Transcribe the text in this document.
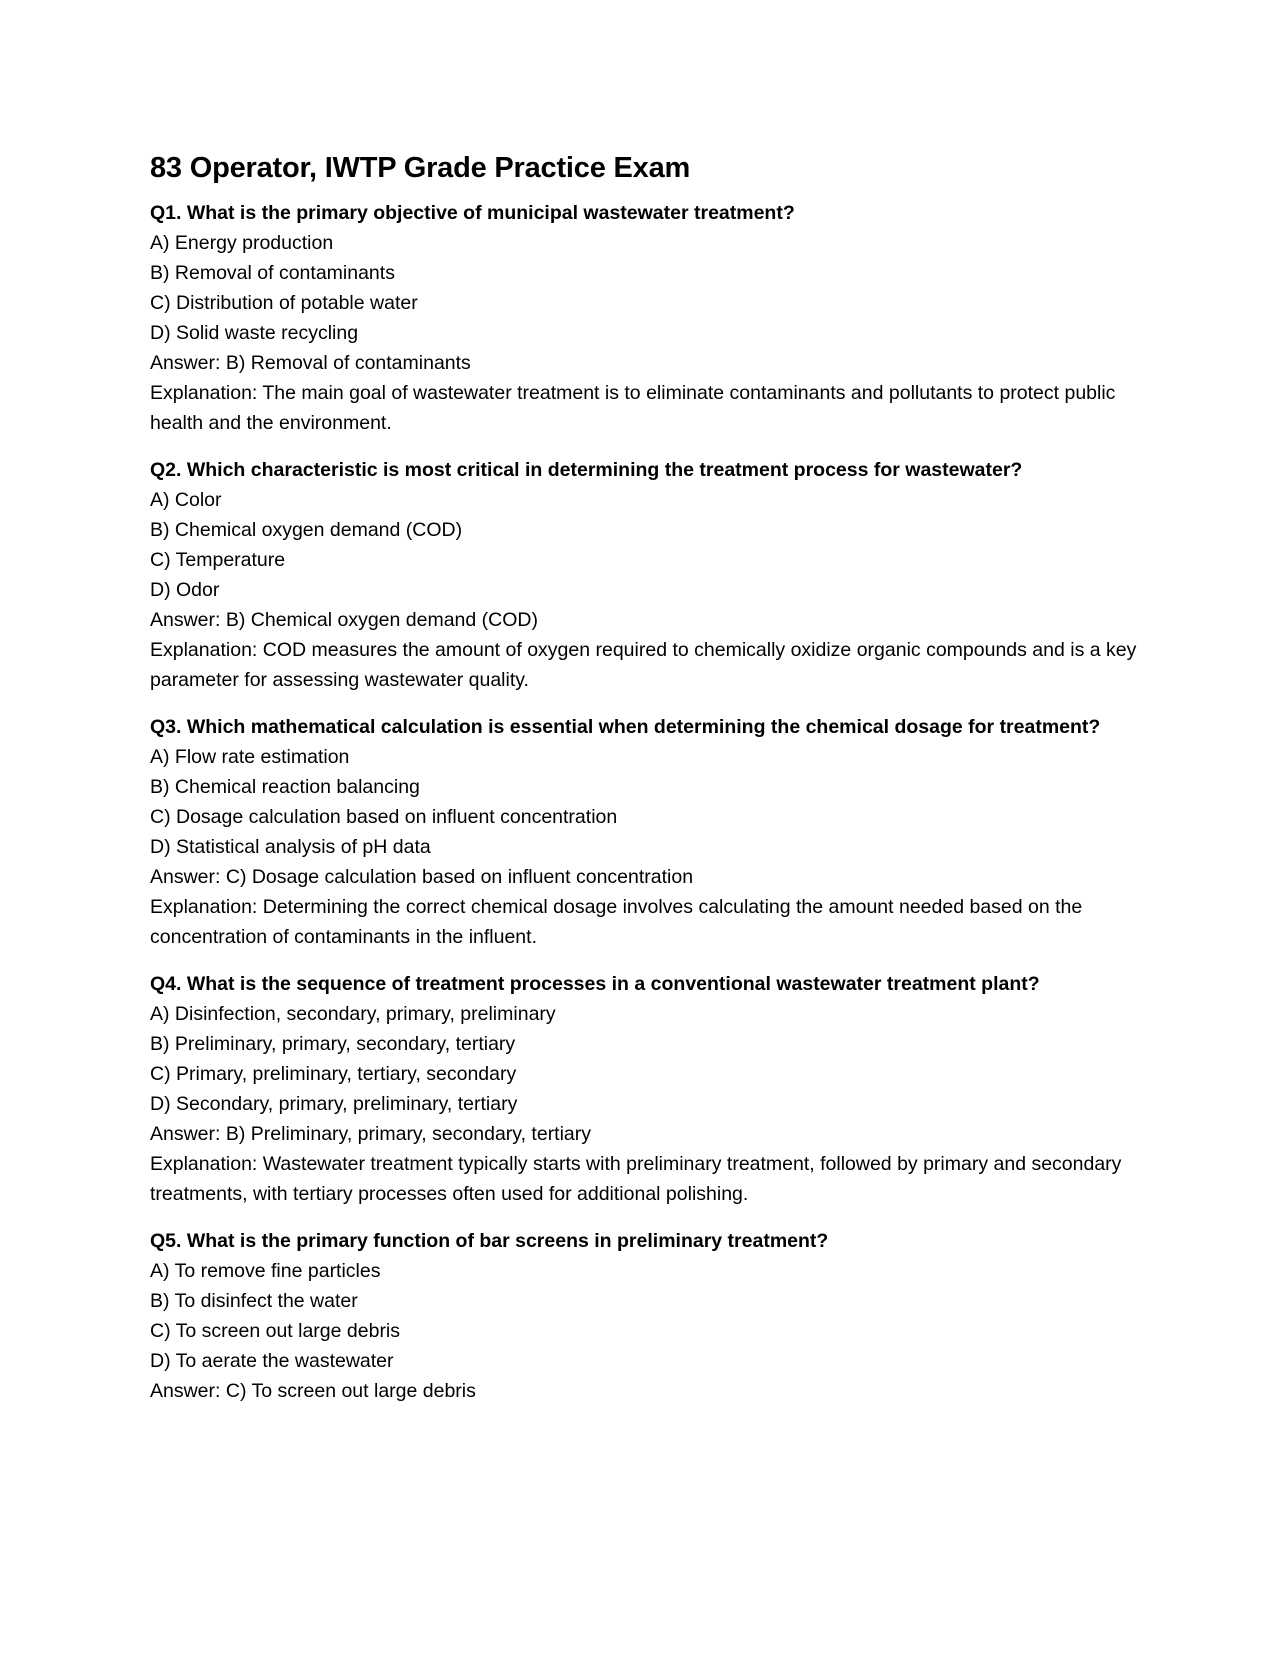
83 Operator, IWTP Grade Practice Exam

Q1. What is the primary objective of municipal wastewater treatment?

A) Energy production

B) Removal of contaminants

C) Distribution of potable water

D) Solid waste recycling

Answer: B) Removal of contaminants

Explanation: The main goal of wastewater treatment is to eliminate contaminants and pollutants to protect public health and the environment.

Q2. Which characteristic is most critical in determining the treatment process for wastewater?

A) Color

B) Chemical oxygen demand (COD)

C) Temperature

D) Odor

Answer: B) Chemical oxygen demand (COD)

Explanation: COD measures the amount of oxygen required to chemically oxidize organic compounds and is a key parameter for assessing wastewater quality.

Q3. Which mathematical calculation is essential when determining the chemical dosage for treatment?

A) Flow rate estimation

B) Chemical reaction balancing

C) Dosage calculation based on influent concentration

D) Statistical analysis of pH data

Answer: C) Dosage calculation based on influent concentration

Explanation: Determining the correct chemical dosage involves calculating the amount needed based on the concentration of contaminants in the influent.

Q4. What is the sequence of treatment processes in a conventional wastewater treatment plant?

A) Disinfection, secondary, primary, preliminary

B) Preliminary, primary, secondary, tertiary

C) Primary, preliminary, tertiary, secondary

D) Secondary, primary, preliminary, tertiary

Answer: B) Preliminary, primary, secondary, tertiary

Explanation: Wastewater treatment typically starts with preliminary treatment, followed by primary and secondary treatments, with tertiary processes often used for additional polishing.

Q5. What is the primary function of bar screens in preliminary treatment?

A) To remove fine particles

B) To disinfect the water

C) To screen out large debris

D) To aerate the wastewater

Answer: C) To screen out large debris
